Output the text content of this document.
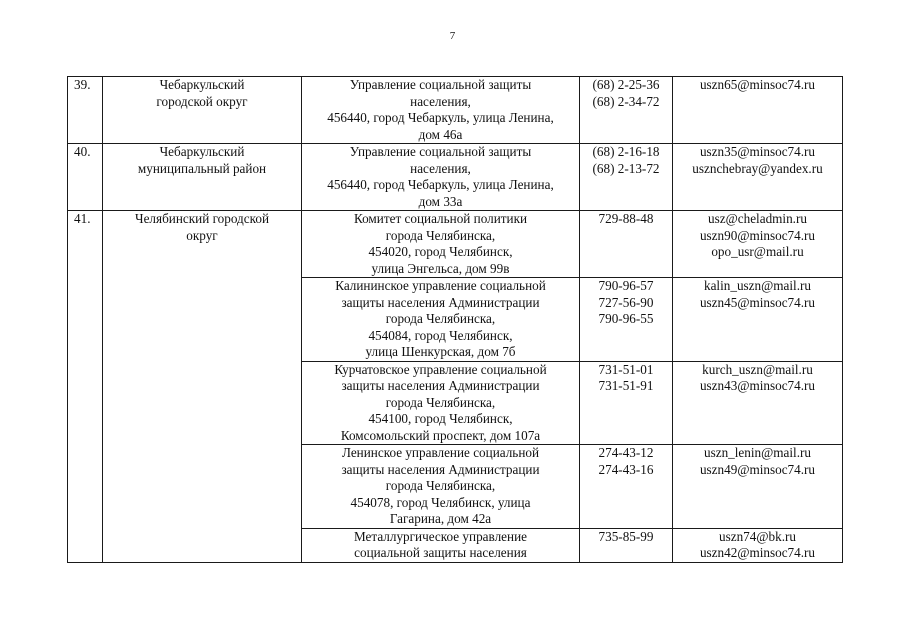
7
39.	Чебаркульский
городской округ	Управление социальной защиты
населения,
456440, город Чебаркуль, улица Ленина,
дом 46а	(68) 2-25-36
(68) 2-34-72	uszn65@minsoc74.ru

40.	Чебаркульский
муниципальный район	Управление социальной защиты
населения,
456440, город Чебаркуль, улица Ленина,
дом 33а	(68) 2-16-18
(68) 2-13-72	uszn35@minsoc74.ru
usznchebray@yandex.ru

41.	Челябинский городской
округ	Комитет социальной политики
города Челябинска,
454020, город Челябинск,
улица Энгельса, дом 99в	729-88-48	usz@cheladmin.ru
uszn90@minsoc74.ru
opo_usr@mail.ru

		Калининское управление социальной
защиты населения Администрации
города Челябинска,
454084, город Челябинск,
улица Шенкурская, дом 7б	790-96-57
727-56-90
790-96-55	kalin_uszn@mail.ru
uszn45@minsoc74.ru

		Курчатовское управление социальной
защиты населения Администрации
города Челябинска,
454100, город Челябинск,
Комсомольский проспект, дом 107а	731-51-01
731-51-91	kurch_uszn@mail.ru
uszn43@minsoc74.ru

		Ленинское управление социальной
защиты населения Администрации
города Челябинска,
454078, город Челябинск, улица
Гагарина, дом 42а	274-43-12
274-43-16	uszn_lenin@mail.ru
uszn49@minsoc74.ru

		Металлургическое управление
социальной защиты населения	735-85-99	uszn74@bk.ru
uszn42@minsoc74.ru
